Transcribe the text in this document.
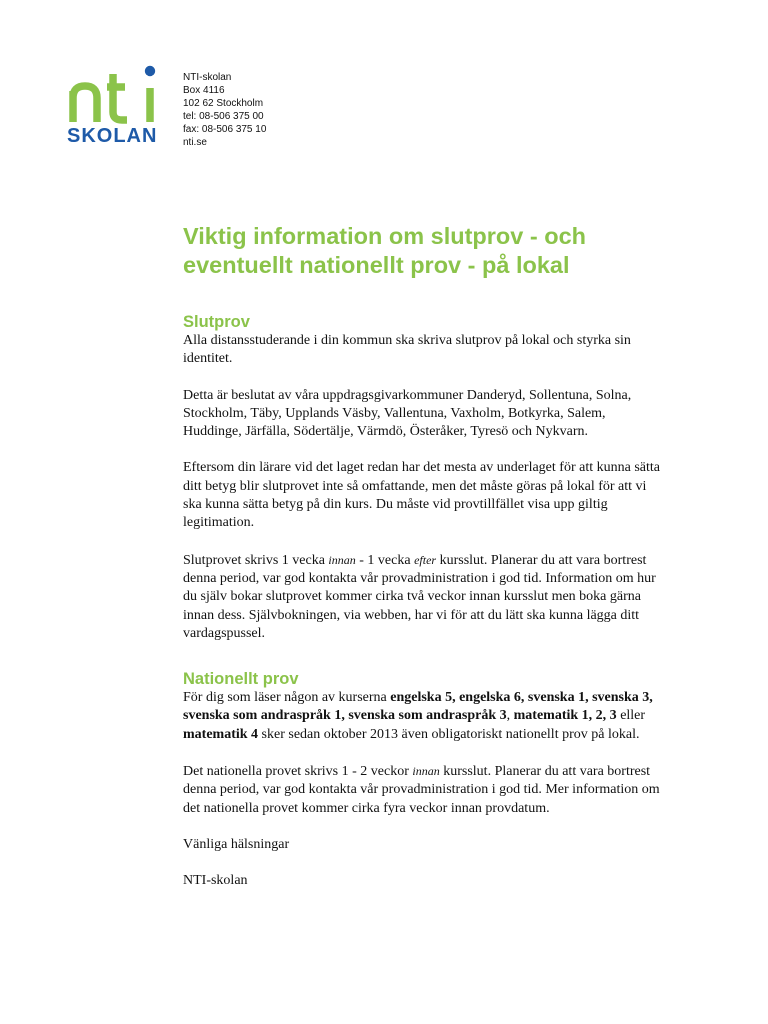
SKOLAN
NTI-skolan
Box 4116
102 62 Stockholm
tel: 08-506 375 00
fax: 08-506 375 10
nti.se
Viktig information om slutprov - och
eventuellt nationellt prov - på lokal
Slutprov

Alla distansstuderande i din kommun ska skriva slutprov på lokal och styrka sin identitet.

Detta är beslutat av våra uppdragsgivarkommuner Danderyd, Sollentuna, Solna, Stockholm, Täby, Upplands Väsby, Vallentuna, Vaxholm, Botkyrka, Salem, Huddinge, Järfälla, Södertälje, Värmdö, Österåker, Tyresö och Nykvarn.

Eftersom din lärare vid det laget redan har det mesta av underlaget för att kunna sätta ditt betyg blir slutprovet inte så omfattande, men det måste göras på lokal för att vi ska kunna sätta betyg på din kurs. Du måste vid provtillfället visa upp giltig legitimation.

Slutprovet skrivs 1 vecka innan - 1 vecka efter kursslut. Planerar du att vara bortrest denna period, var god kontakta vår provadministration i god tid. Information om hur du själv bokar slutprovet kommer cirka två veckor innan kursslut men boka gärna innan dess. Självbokningen, via webben, har vi för att du lätt ska kunna lägga ditt vardagspussel.

Nationellt prov

För dig som läser någon av kurserna engelska 5, engelska 6, svenska 1, svenska 3, svenska som andraspråk 1, svenska som andraspråk 3, matematik 1, 2, 3 eller matematik 4 sker sedan oktober 2013 även obligatoriskt nationellt prov på lokal.

Det nationella provet skrivs 1 - 2 veckor innan kursslut. Planerar du att vara bortrest denna period, var god kontakta vår provadministration i god tid. Mer information om det nationella provet kommer cirka fyra veckor innan provdatum.

Vänliga hälsningar

NTI-skolan
